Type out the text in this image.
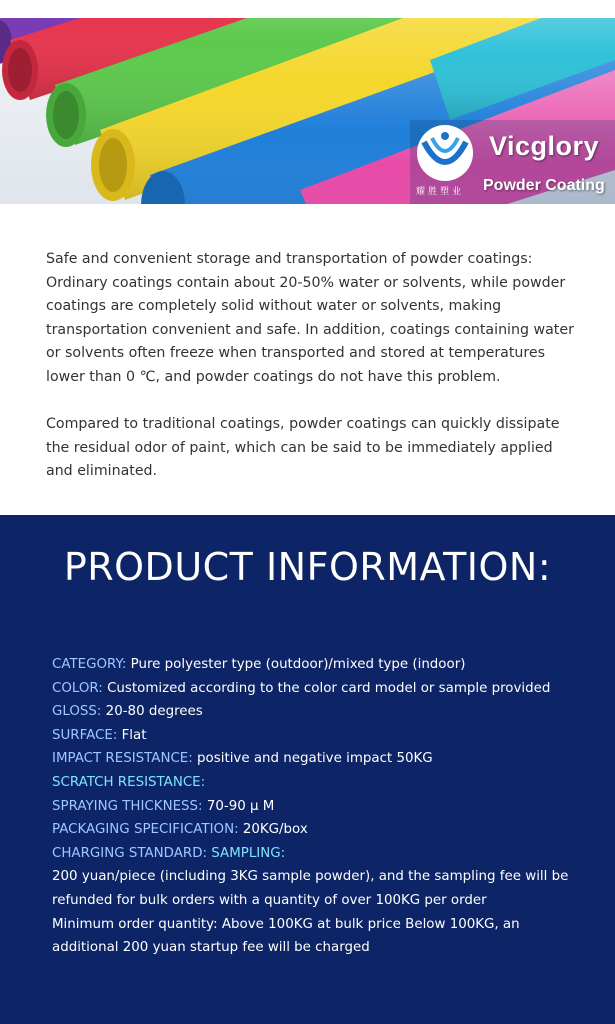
耀胜塑业
Vicglory
Powder Coating

Safe and convenient storage and transportation of powder coatings: Ordinary coatings contain about 20-50% water or solvents, while powder coatings are completely solid without water or solvents, making transportation convenient and safe. In addition, coatings containing water or solvents often freeze when transported and stored at temperatures lower than 0 ℃, and powder coatings do not have this problem.

Compared to traditional coatings, powder coatings can quickly dissipate the residual odor of paint, which can be said to be immediately applied and eliminated.

PRODUCT INFORMATION:
CATEGORY: Pure polyester type (outdoor)/mixed type (indoor)
COLOR: Customized according to the color card model or sample provided
GLOSS: 20-80 degrees
SURFACE: Flat
IMPACT RESISTANCE: positive and negative impact 50KG
SCRATCH RESISTANCE:
SPRAYING THICKNESS: 70-90 μ M
PACKAGING SPECIFICATION: 20KG/box
CHARGING STANDARD: SAMPLING:
200 yuan/piece (including 3KG sample powder), and the sampling fee will be refunded for bulk orders with a quantity of over 100KG per order
Minimum order quantity: Above 100KG at bulk price Below 100KG, an additional 200 yuan startup fee will be charged
